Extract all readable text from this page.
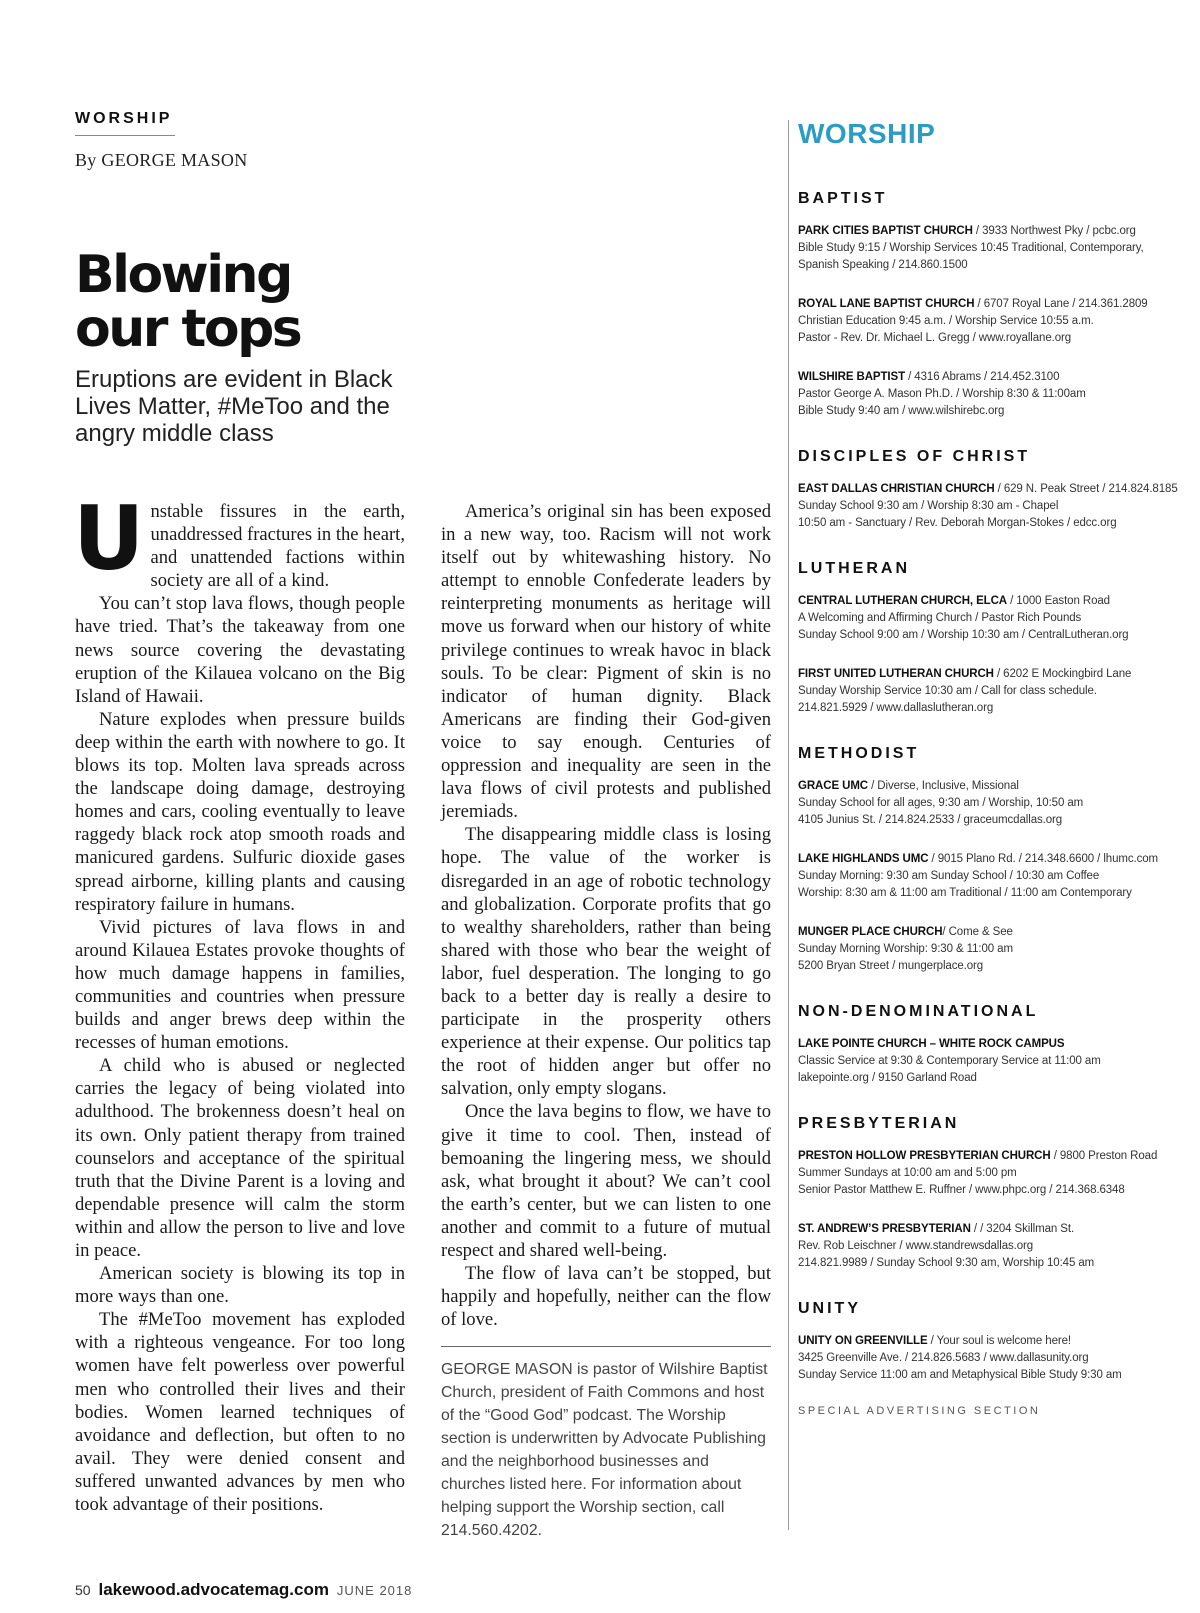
WORSHIP
By GEORGE MASON
Blowing our tops
Eruptions are evident in Black Lives Matter, #MeToo and the angry middle class

Unstable fissures in the earth, unaddressed fractures in the heart, and unattended factions within society are all of a kind.

You can’t stop lava flows, though people have tried. That’s the takeaway from one news source covering the devastating eruption of the Kilauea volcano on the Big Island of Hawaii.

Nature explodes when pressure builds deep within the earth with nowhere to go. It blows its top. Molten lava spreads across the landscape doing damage, destroying homes and cars, cooling eventually to leave raggedy black rock atop smooth roads and manicured gardens. Sulfuric dioxide gases spread airborne, killing plants and causing respiratory failure in humans.

Vivid pictures of lava flows in and around Kilauea Estates provoke thoughts of how much damage happens in families, communities and countries when pressure builds and anger brews deep within the recesses of human emotions.

A child who is abused or neglected carries the legacy of being violated into adulthood. The brokenness doesn’t heal on its own. Only patient therapy from trained counselors and acceptance of the spiritual truth that the Divine Parent is a loving and dependable presence will calm the storm within and allow the person to live and love in peace.

American society is blowing its top in more ways than one.

The #MeToo movement has exploded with a righteous vengeance. For too long women have felt powerless over powerful men who controlled their lives and their bodies. Women learned techniques of avoidance and deflection, but often to no avail. They were denied consent and suffered unwanted advances by men who took advantage of their positions.

America’s original sin has been exposed in a new way, too. Racism will not work itself out by whitewashing history. No attempt to ennoble Confederate leaders by reinterpreting monuments as heritage will move us forward when our history of white privilege continues to wreak havoc in black souls. To be clear: Pigment of skin is no indicator of human dignity. Black Americans are finding their God-given voice to say enough. Centuries of oppression and inequality are seen in the lava flows of civil protests and published jeremiads.

The disappearing middle class is losing hope. The value of the worker is disregarded in an age of robotic technology and globalization. Corporate profits that go to wealthy shareholders, rather than being shared with those who bear the weight of labor, fuel desperation. The longing to go back to a better day is really a desire to participate in the prosperity others experience at their expense. Our politics tap the root of hidden anger but offer no salvation, only empty slogans.

Once the lava begins to flow, we have to give it time to cool. Then, instead of bemoaning the lingering mess, we should ask, what brought it about? We can’t cool the earth’s center, but we can listen to one another and commit to a future of mutual respect and shared well-being.

The flow of lava can’t be stopped, but happily and hopefully, neither can the flow of love.

GEORGE MASON is pastor of Wilshire Baptist Church, president of Faith Commons and host of the “Good God” podcast. The Worship section is underwritten by Advocate Publishing and the neighborhood businesses and churches listed here. For information about helping support the Worship section, call 214.560.4202.
WORSHIP
BAPTIST
PARK CITIES BAPTIST CHURCH / 3933 Northwest Pky / pcbc.org
Bible Study 9:15 / Worship Services 10:45 Traditional, Contemporary,
Spanish Speaking / 214.860.1500
ROYAL LANE BAPTIST CHURCH / 6707 Royal Lane / 214.361.2809
Christian Education 9:45 a.m. / Worship Service 10:55 a.m.
Pastor - Rev. Dr. Michael L. Gregg / www.royallane.org
WILSHIRE BAPTIST / 4316 Abrams / 214.452.3100
Pastor George A. Mason Ph.D. / Worship 8:30 & 11:00am
Bible Study 9:40 am / www.wilshirebc.org
DISCIPLES OF CHRIST
EAST DALLAS CHRISTIAN CHURCH / 629 N. Peak Street / 214.824.8185
Sunday School 9:30 am / Worship 8:30 am - Chapel
10:50 am - Sanctuary / Rev. Deborah Morgan-Stokes / edcc.org
LUTHERAN
CENTRAL LUTHERAN CHURCH, ELCA / 1000 Easton Road
A Welcoming and Affirming Church / Pastor Rich Pounds
Sunday School 9:00 am / Worship 10:30 am / CentralLutheran.org
FIRST UNITED LUTHERAN CHURCH / 6202 E Mockingbird Lane
Sunday Worship Service 10:30 am / Call for class schedule.
214.821.5929 / www.dallaslutheran.org
METHODIST
GRACE UMC / Diverse, Inclusive, Missional
Sunday School for all ages, 9:30 am / Worship, 10:50 am
4105 Junius St. / 214.824.2533 / graceumcdallas.org
LAKE HIGHLANDS UMC / 9015 Plano Rd. / 214.348.6600 / lhumc.com
Sunday Morning: 9:30 am Sunday School / 10:30 am Coffee
Worship: 8:30 am & 11:00 am Traditional / 11:00 am Contemporary
MUNGER PLACE CHURCH/ Come & See
Sunday Morning Worship: 9:30 & 11:00 am
5200 Bryan Street / mungerplace.org
NON-DENOMINATIONAL
LAKE POINTE CHURCH – WHITE ROCK CAMPUS
Classic Service at 9:30 & Contemporary Service at 11:00 am
lakepointe.org / 9150 Garland Road
PRESBYTERIAN
PRESTON HOLLOW PRESBYTERIAN CHURCH / 9800 Preston Road
Summer Sundays at 10:00 am and 5:00 pm
Senior Pastor Matthew E. Ruffner / www.phpc.org / 214.368.6348
ST. ANDREW’S PRESBYTERIAN / / 3204 Skillman St.
Rev. Rob Leischner / www.standrewsdallas.org
214.821.9989 / Sunday School 9:30 am, Worship 10:45 am
UNITY
UNITY ON GREENVILLE / Your soul is welcome here!
3425 Greenville Ave. / 214.826.5683 / www.dallasunity.org
Sunday Service 11:00 am and Metaphysical Bible Study 9:30 am
SPECIAL ADVERTISING SECTION
50 lakewood.advocatemag.com JUNE 2018
